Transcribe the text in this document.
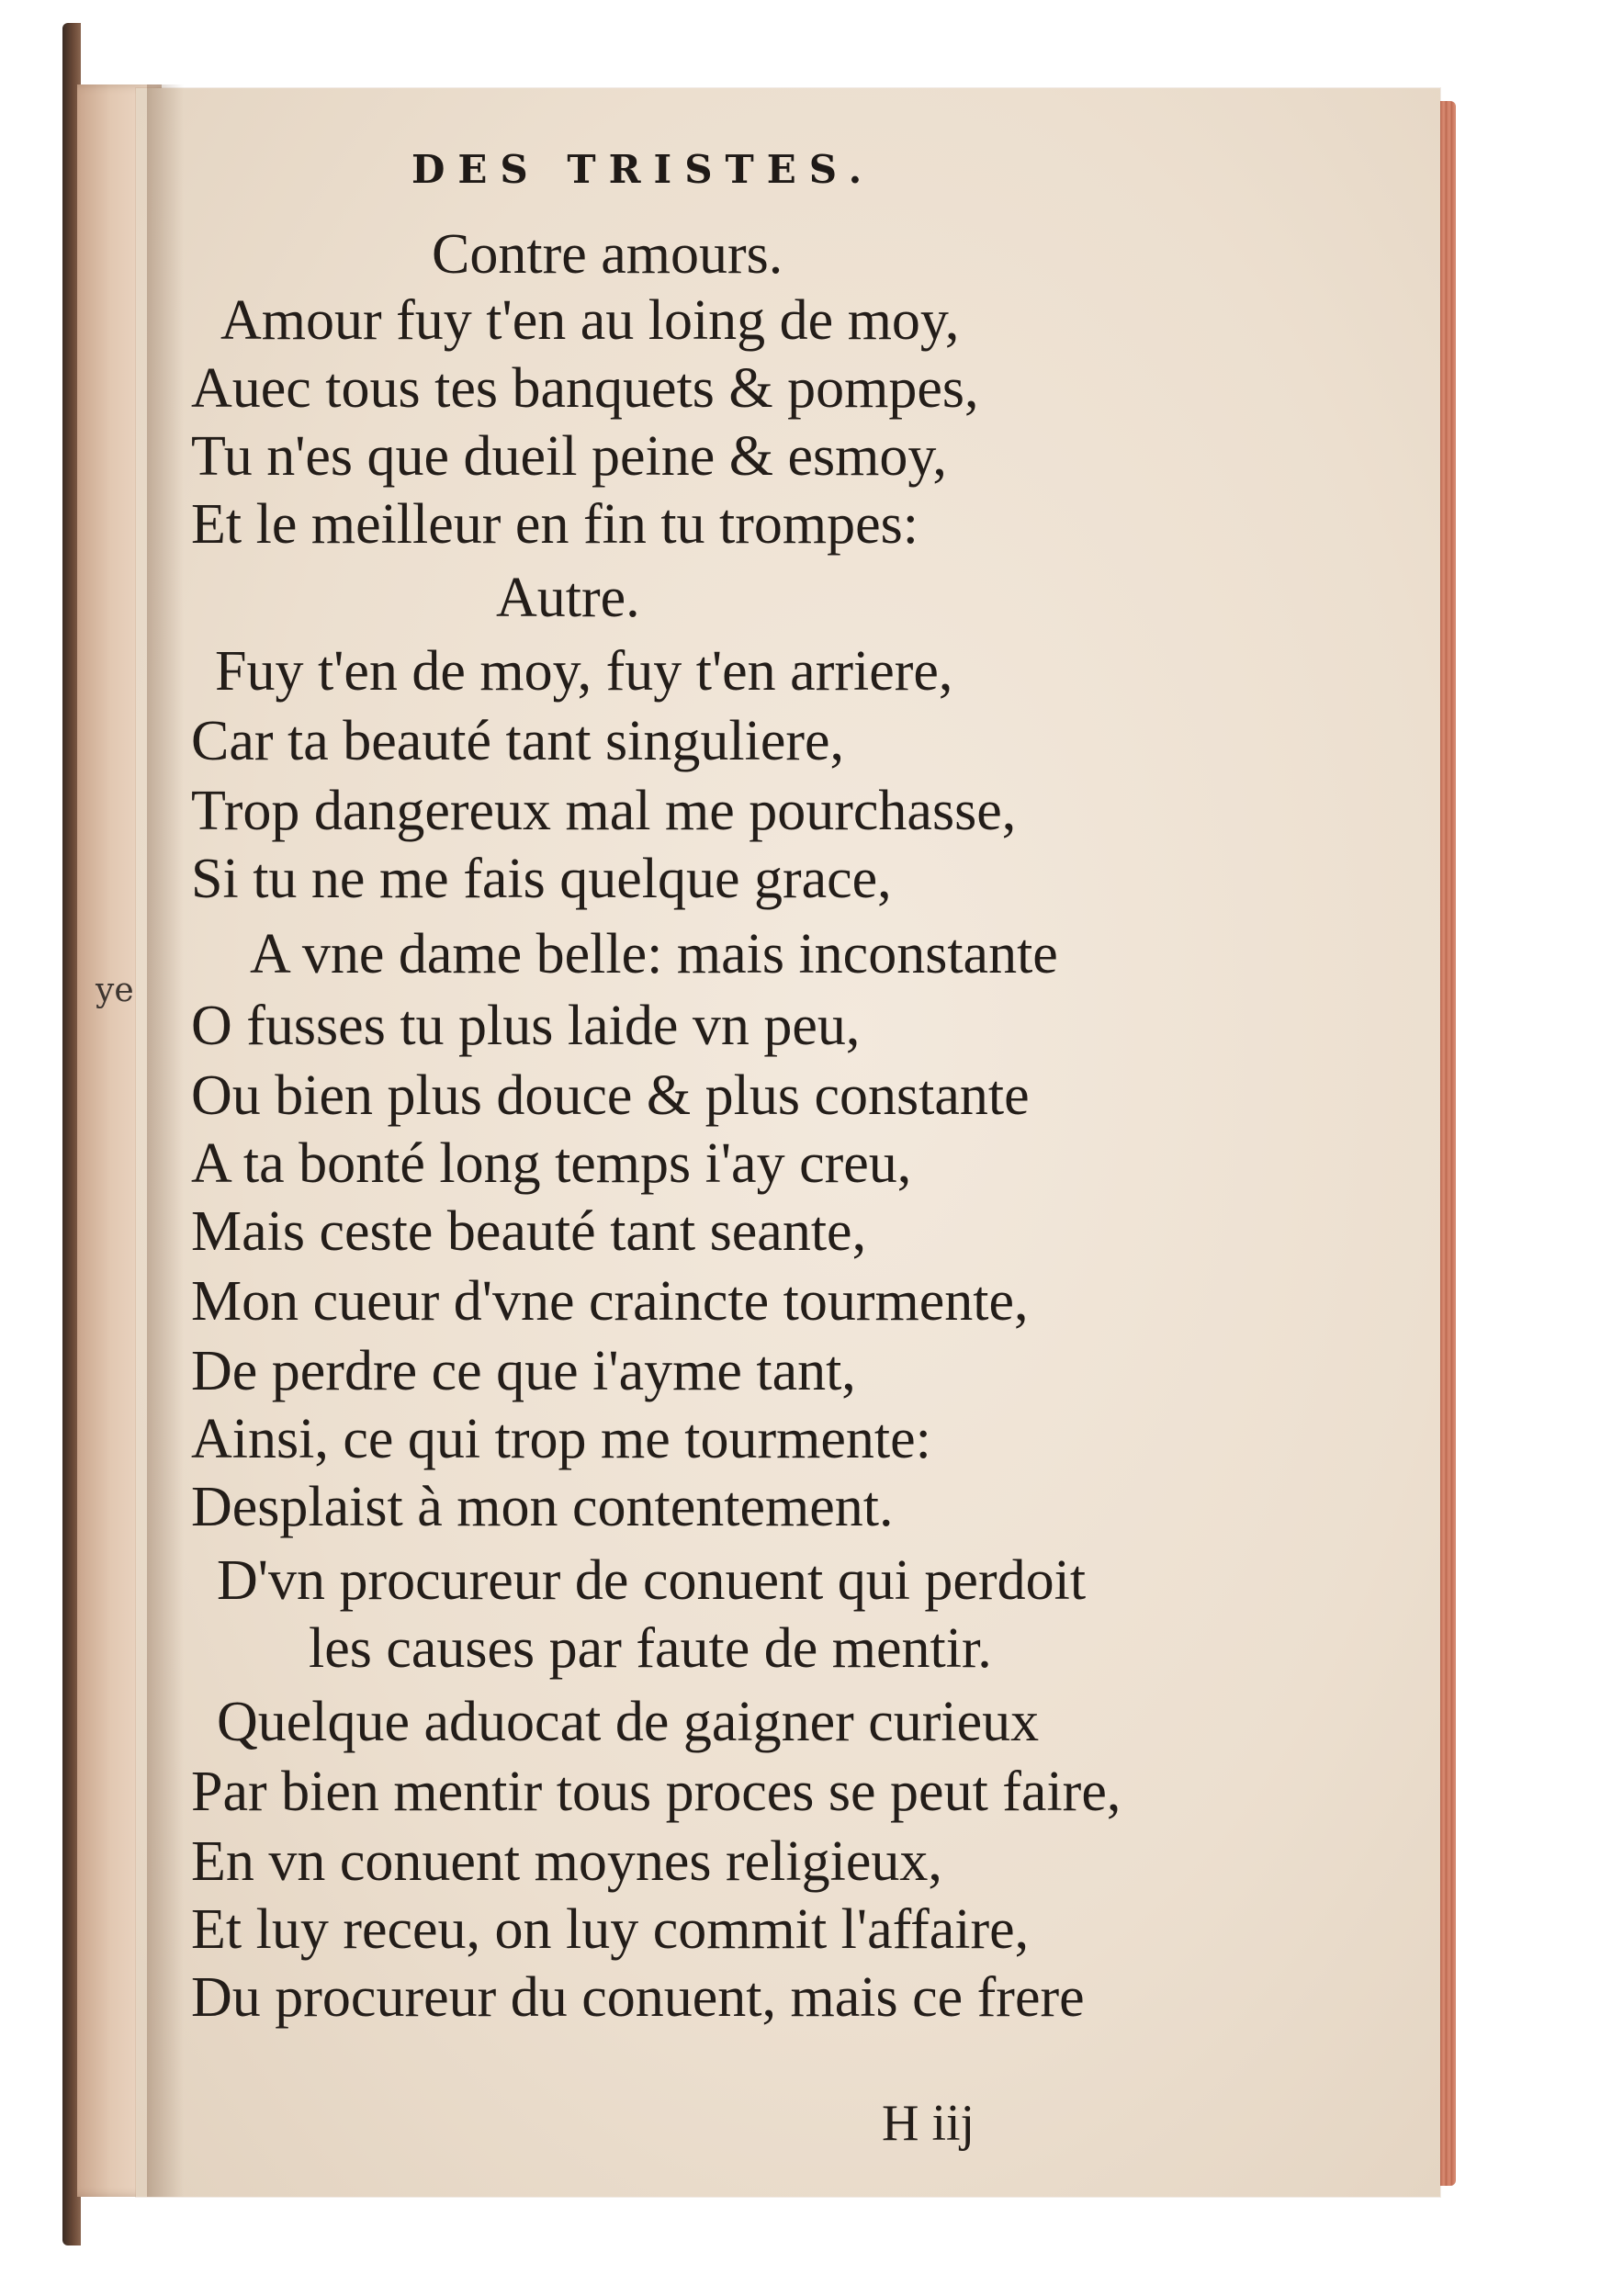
ye
DES TRISTES.
Contre amours.
Amour fuy t'en au loing de moy,
Auec tous tes banquets & pompes,
Tu n'es que dueil peine & esmoy,
Et le meilleur en fin tu trompes:
Autre.
Fuy t'en de moy, fuy t'en arriere,
Car ta beauté tant singuliere,
Trop dangereux mal me pourchasse,
Si tu ne me fais quelque grace,
A vne dame belle: mais inconstante
O fusses tu plus laide vn peu,
Ou bien plus douce & plus constante
A ta bonté long temps i'ay creu,
Mais ceste beauté tant seante,
Mon cueur d'vne craincte tourmente,
De perdre ce que i'ayme tant,
Ainsi, ce qui trop me tourmente:
Desplaist à mon contentement.
D'vn procureur de conuent qui perdoit
les causes par faute de mentir.
Quelque aduocat de gaigner curieux
Par bien mentir tous proces se peut faire,
En vn conuent moynes religieux,
Et luy receu, on luy commit l'affaire,
Du procureur du conuent, mais ce frere
H iij
